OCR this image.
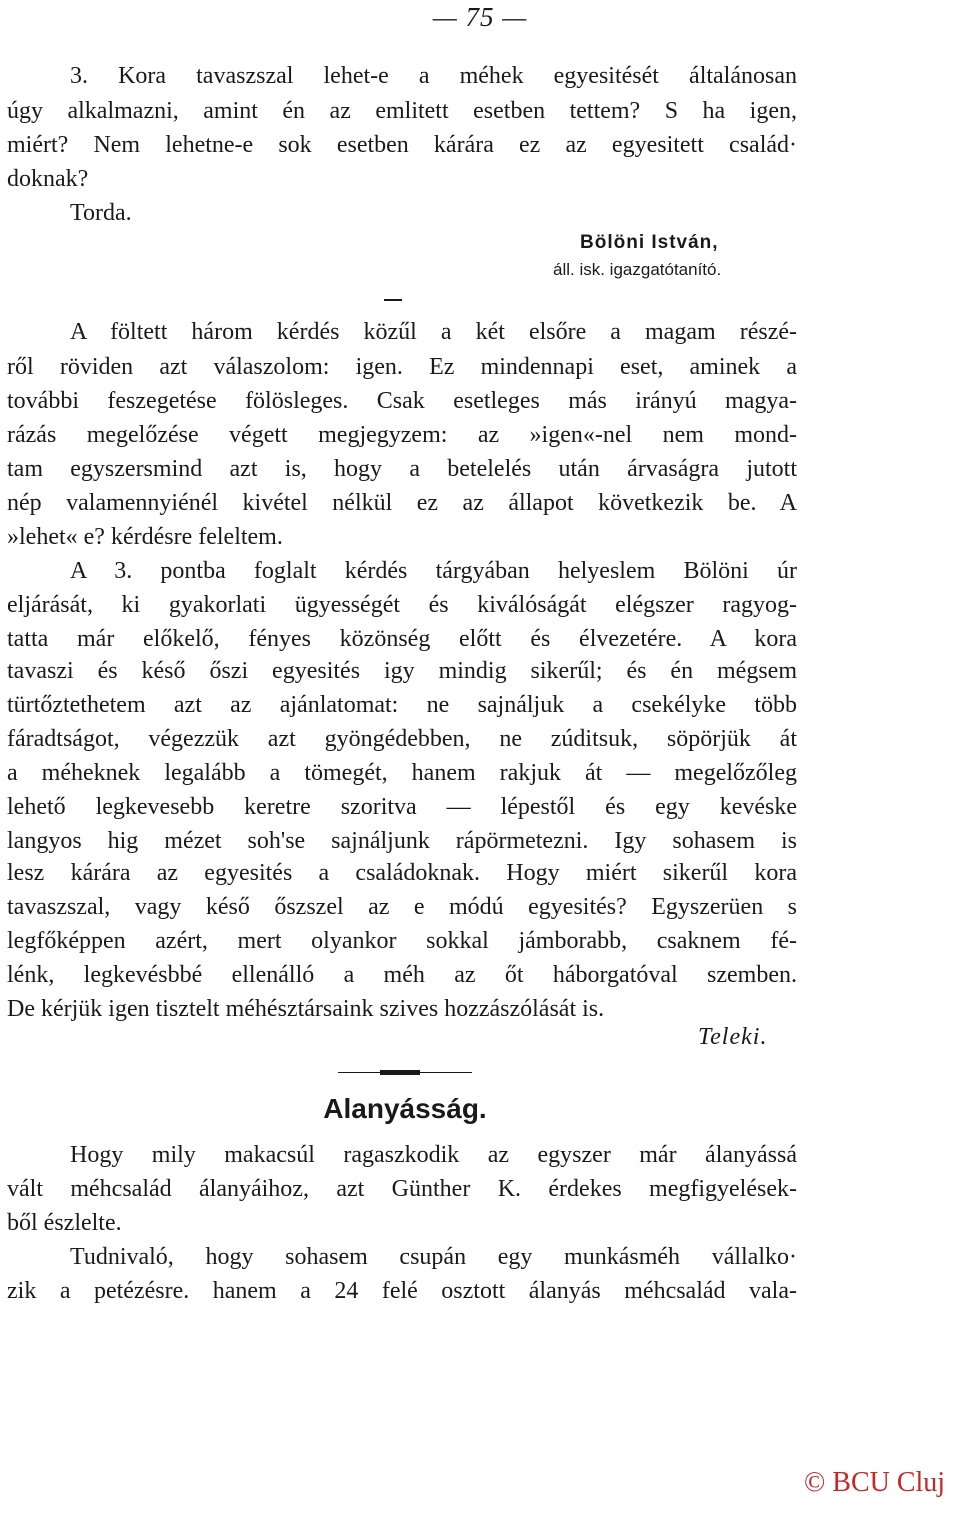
— 75 —
3. Kora tavaszszal lehet-e a méhek egyesitését általánosan
úgy alkalmazni, amint én az emlitett esetben tettem? S ha igen,
miért? Nem lehetne-e sok esetben kárára ez az egyesitett család·
doknak?
Torda.
Bölöni István,
áll. isk. igazgatótanító.
A föltett három kérdés közűl a két elsőre a magam részé-
ről röviden azt válaszolom: igen. Ez mindennapi eset, aminek a
további feszegetése fölösleges. Csak esetleges más irányú magya-
rázás megelőzése végett megjegyzem: az »igen«-nel nem mond-
tam egyszersmind azt is, hogy a betelelés után árvaságra jutott
nép valamennyiénél kivétel nélkül ez az állapot következik be. A
»lehet« e? kérdésre feleltem.
A 3. pontba foglalt kérdés tárgyában helyeslem Bölöni úr
eljárását, ki gyakorlati ügyességét és kiválóságát elégszer ragyog-
tatta már előkelő, fényes közönség előtt és élvezetére. A kora
tavaszi és késő őszi egyesités igy mindig sikerűl; és én mégsem
türtőztethetem azt az ajánlatomat: ne sajnáljuk a csekélyke több
fáradtságot, végezzük azt gyöngédebben, ne zúditsuk, söpörjük át
a méheknek legalább a tömegét, hanem rakjuk át — megelőzőleg
lehető legkevesebb keretre szoritva — lépestől és egy kevéske
langyos hig mézet soh'se sajnáljunk rápörmetezni. Igy sohasem is
lesz kárára az egyesités a családoknak. Hogy miért sikerűl kora
tavaszszal, vagy késő őszszel az e módú egyesités? Egyszerüen s
legfőképpen azért, mert olyankor sokkal jámborabb, csaknem fé-
lénk, legkevésbbé ellenálló a méh az őt háborgatóval szemben.
De kérjük igen tisztelt méhésztársaink szives hozzászólását is.
Teleki.
Alanyásság.
Hogy mily makacsúl ragaszkodik az egyszer már álanyássá
vált méhcsalád álanyáihoz, azt Günther K. érdekes megfigyelések-
ből észlelte.
Tudnivaló, hogy sohasem csupán egy munkásméh vállalko·
zik a petézésre. hanem a 24 felé osztott álanyás méhcsalád vala-
© BCU Cluj
